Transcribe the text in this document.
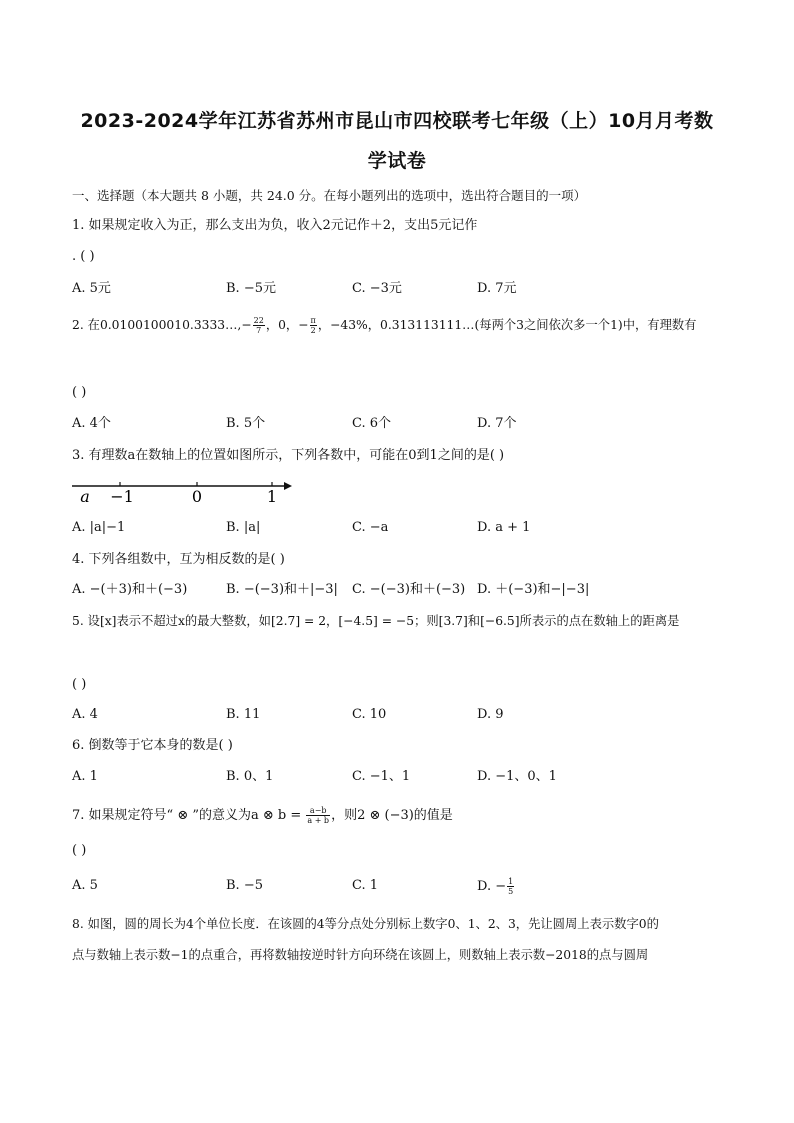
2023-2024学年江苏省苏州市昆山市四校联考七年级（上）10月月考数
学试卷
一、选择题（本大题共 8 小题，共 24.0 分。在每小题列出的选项中，选出符合题目的一项）
1. 如果规定收入为正，那么支出为负，收入2元记作＋2，支出5元记作
. ( )
A. 5元	B. −5元	C. −3元	D. 7元
2. 在0.0100100010.3333…,− $\frac{22}{7}$ ，0，− $\frac{\pi}{2}$ ，−43%，0.313113111…(每两个3之间依次多一个1)中，有理数有
( )
A. 4个	B. 5个	C. 6个	D. 7个
3. 有理数a在数轴上的位置如图所示，下列各数中，可能在0到1之间的是( )
a −1	0	1
A. |a|−1	B. |a|	C. −a	D. a + 1
4. 下列各组数中，互为相反数的是( )
A. −(＋3)和＋(−3)	B. −(−3)和＋|−3| C. −(−3)和＋(−3) D. ＋(−3)和−|−3|
5. 设[x]表示不超过x的最大整数，如[2.7] = 2，[−4.5] = −5；则[3.7]和[−6.5]所表示的点在数轴上的距离是
( )
A. 4	B. 11	C. 10	D. 9
6. 倒数等于它本身的数是( )
A. 1	B. 0、1	C. −1、1	D. −1、0、1
7. 如果规定符号“ ⊗ ”的意义为a ⊗ $b = \frac{a-b}{a + b}$ ，则2 ⊗ (−3)的值是
( )
A. 5	B. −5	C. 1	D. − $\frac{1}{5}$
8. 如图，圆的周长为4个单位长度．在该圆的4等分点处分别标上数字0、1、2、3，先让圆周上表示数字0的
点与数轴上表示数−1的点重合，再将数轴按逆时针方向环绕在该圆上，则数轴上表示数−2018的点与圆周
